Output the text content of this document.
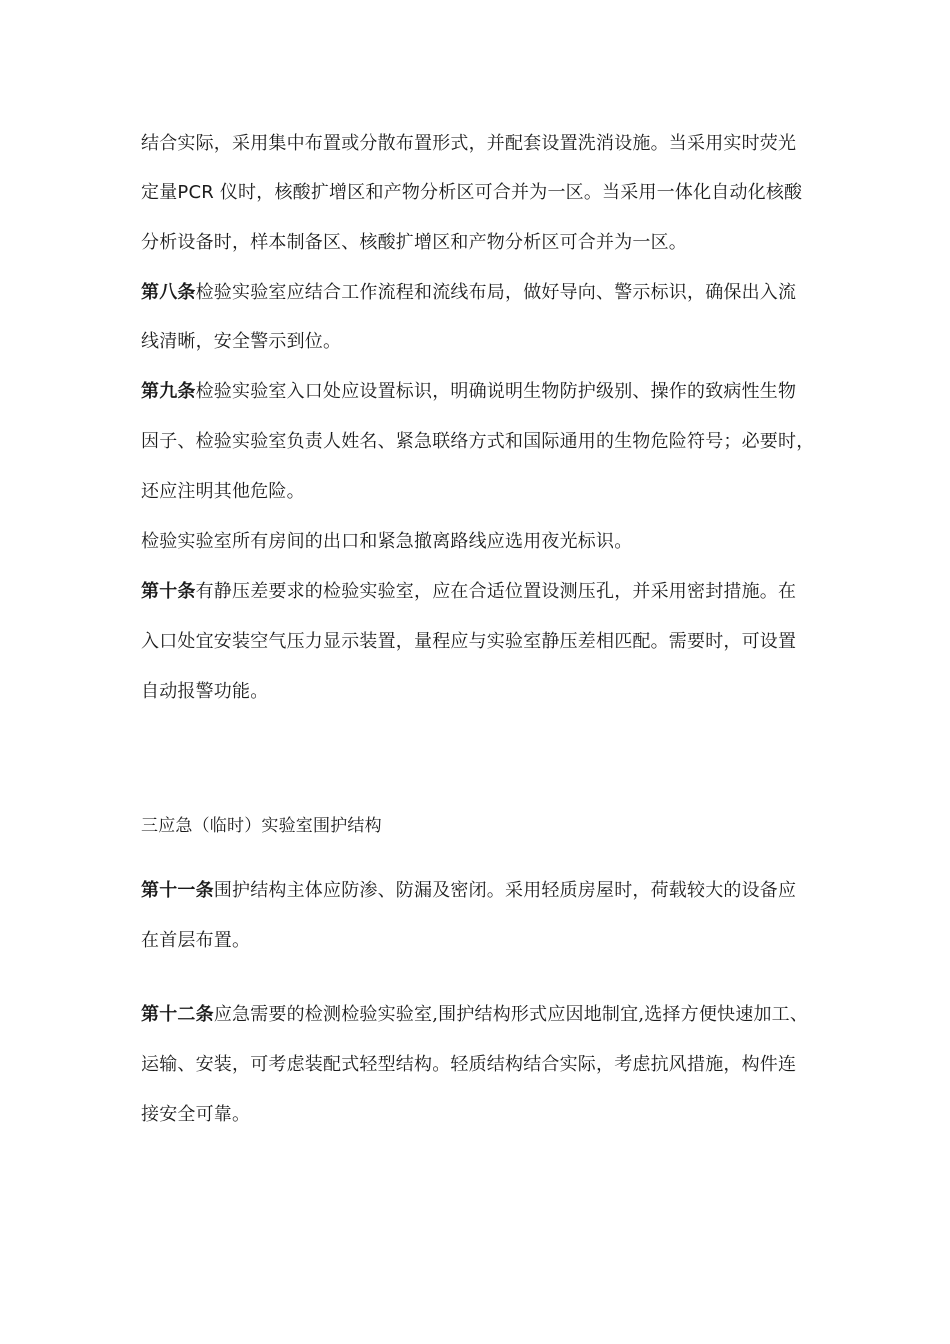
结合实际，采用集中布置或分散布置形式，并配套设置洗消设施。当采用实时荧光
定量PCR 仪时，核酸扩增区和产物分析区可合并为一区。当采用一体化自动化核酸
分析设备时，样本制备区、核酸扩增区和产物分析区可合并为一区。
第八条检验实验室应结合工作流程和流线布局，做好导向、警示标识，确保出入流
线清晰，安全警示到位。
第九条检验实验室入口处应设置标识，明确说明生物防护级别、操作的致病性生物
因子、检验实验室负责人姓名、紧急联络方式和国际通用的生物危险符号；必要时，
还应注明其他危险。
检验实验室所有房间的出口和紧急撤离路线应选用夜光标识。
第十条有静压差要求的检验实验室，应在合适位置设测压孔，并采用密封措施。在
入口处宜安装空气压力显示装置，量程应与实验室静压差相匹配。需要时，可设置
自动报警功能。
三应急（临时）实验室围护结构
第十一条围护结构主体应防渗、防漏及密闭。采用轻质房屋时，荷载较大的设备应
在首层布置。
第十二条应急需要的检测检验实验室,围护结构形式应因地制宜,选择方便快速加工、
运输、安装，可考虑装配式轻型结构。轻质结构结合实际，考虑抗风措施，构件连
接安全可靠。
